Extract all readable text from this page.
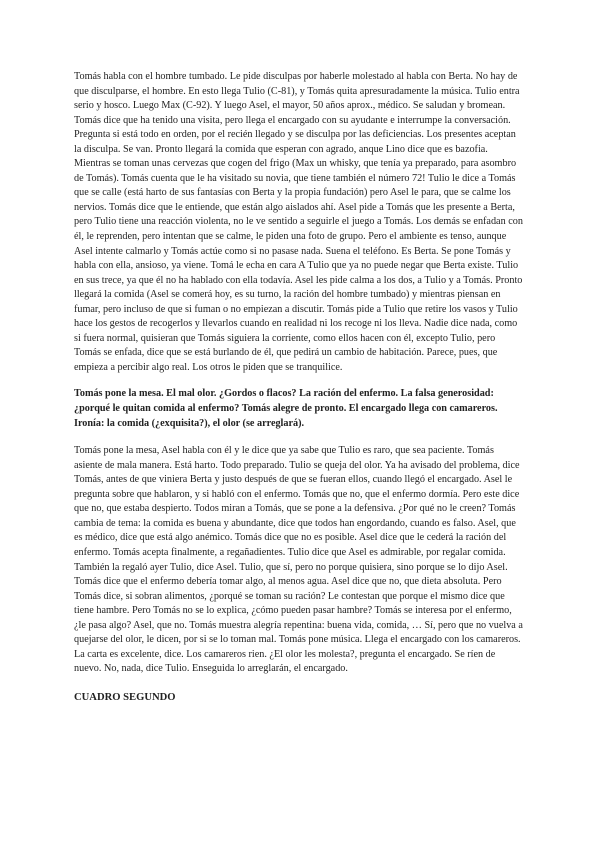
Tomás habla con el hombre tumbado. Le pide disculpas por haberle molestado al habla con Berta. No hay de que disculparse, el hombre. En esto llega Tulio (C-81), y Tomás quita apresuradamente la música. Tulio entra serio y hosco. Luego Max (C-92). Y luego Asel, el mayor, 50 años aprox., médico. Se saludan y bromean. Tomás dice que ha tenido una visita, pero llega el encargado con su ayudante e interrumpe la conversación. Pregunta si está todo en orden, por el recién llegado y se disculpa por las deficiencias. Los presentes aceptan la disculpa. Se van. Pronto llegará la comida que esperan con agrado, anque Lino dice que es bazofia. Mientras se toman unas cervezas que cogen del frigo (Max un whisky, que tenía ya preparado, para asombro de Tomás). Tomás cuenta que le ha visitado su novia, que tiene también el número 72! Tulio le dice a Tomás que se calle (está harto de sus fantasías con Berta y la propia fundación) pero Asel le para, que se calme los nervios. Tomás dice que le entiende, que están algo aislados ahí. Asel pide a Tomás que les presente a Berta, pero Tulio tiene una reacción violenta, no le ve sentido a seguirle el juego a Tomás. Los demás se enfadan con él, le reprenden, pero intentan que se calme, le piden una foto de grupo. Pero el ambiente es tenso, aunque Asel intente calmarlo y Tomás actúe como si no pasase nada. Suena el teléfono. Es Berta. Se pone Tomás y habla con ella, ansioso, ya viene. Tomá le echa en cara A Tulio que ya no puede negar que Berta existe. Tulio en sus trece, ya que él no ha hablado con ella todavía. Asel les pide calma a los dos, a Tulio y a Tomás. Pronto llegará la comida (Asel se comerá hoy, es su turno, la ración del hombre tumbado) y mientras piensan en fumar, pero incluso de que si fuman o no empiezan a discutir. Tomás pide a Tulio que retire los vasos y Tulio hace los gestos de recogerlos y llevarlos cuando en realidad ni los recoge ni los lleva. Nadie dice nada, como si fuera normal, quisieran que Tomás siguiera la corriente, como ellos hacen con él, excepto Tulio, pero Tomás se enfada, dice que se está burlando de él, que pedirá un cambio de habitación. Parece, pues, que empieza a percibir algo real. Los otros le piden que se tranquilice.

Tomás pone la mesa. El mal olor. ¿Gordos o flacos? La ración del enfermo. La falsa generosidad: ¿porqué le quitan comida al enfermo? Tomás alegre de pronto. El encargado llega con camareros. Ironía: la comida (¿exquisita?), el olor (se arreglará).

Tomás pone la mesa, Asel habla con él y le dice que ya sabe que Tulio es raro, que sea paciente. Tomás asiente de mala manera. Está harto. Todo preparado. Tulio se queja del olor. Ya ha avisado del problema, dice Tomás, antes de que viniera Berta y justo después de que se fueran ellos, cuando llegó el encargado. Asel le pregunta sobre que hablaron, y si habló con el enfermo. Tomás que no, que el enfermo dormía. Pero este dice que no, que estaba despierto. Todos miran a Tomás, que se pone a la defensiva. ¿Por qué no le creen? Tomás cambia de tema: la comida es buena y abundante, dice que todos han engordando, cuando es falso. Asel, que es médico, dice que está algo anémico. Tomás dice que no es posible. Asel dice que le cederá la ración del enfermo. Tomás acepta finalmente, a regañadientes. Tulio dice que Asel es admirable, por regalar comida. También la regaló ayer Tulio, dice Asel. Tulio, que sí, pero no porque quisiera, sino porque se lo dijo Asel. Tomás dice que el enfermo debería tomar algo, al menos agua. Asel dice que no, que dieta absoluta. Pero Tomás dice, si sobran alimentos, ¿porqué se toman su ración? Le contestan que porque el mismo dice que tiene hambre. Pero Tomás no se lo explica, ¿cómo pueden pasar hambre? Tomás se interesa por el enfermo, ¿le pasa algo? Asel, que no. Tomás muestra alegría repentina: buena vida, comida, … Sí, pero que no vuelva a quejarse del olor, le dicen, por si se lo toman mal. Tomás pone música. Llega el encargado con los camareros. La carta es excelente, dice. Los camareros rien. ¿El olor les molesta?, pregunta el encargado. Se ríen de nuevo. No, nada, dice Tulio. Enseguida lo arreglarán, el encargado.

CUADRO SEGUNDO
